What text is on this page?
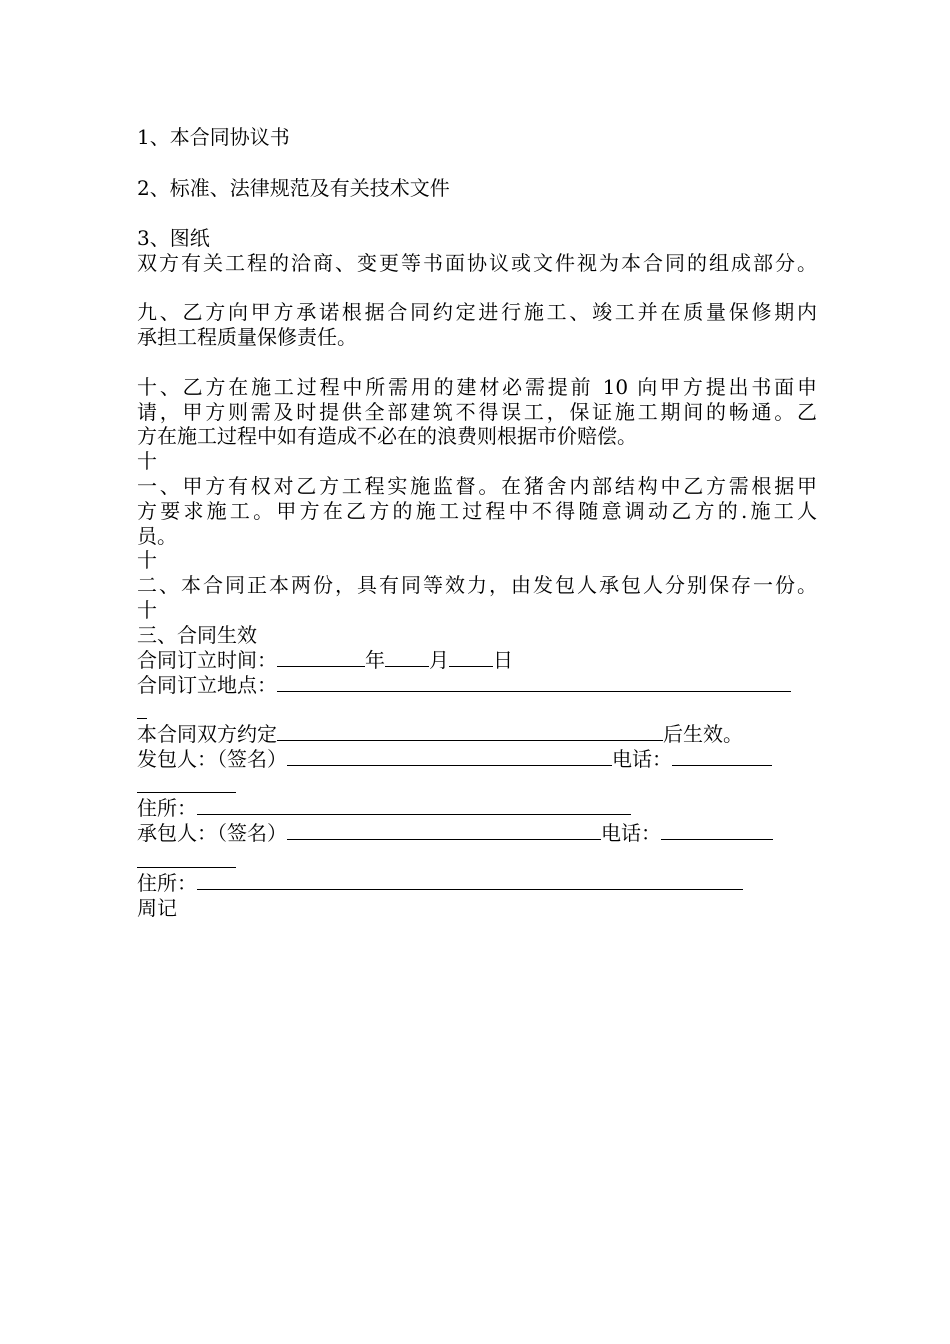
1、本合同协议书
2、标准、法律规范及有关技术文件
3、图纸
双方有关工程的洽商、变更等书面协议或文件视为本合同的组成部分。
九、乙方向甲方承诺根据合同约定进行施工、竣工并在质量保修期内
承担工程质量保修责任。
十、乙方在施工过程中所需用的建材必需提前 10 向甲方提出书面申
请，甲方则需及时提供全部建筑不得误工，保证施工期间的畅通。乙
方在施工过程中如有造成不必在的浪费则根据市价赔偿。
十
一、甲方有权对乙方工程实施监督。在猪舍内部结构中乙方需根据甲
方要求施工。甲方在乙方的施工过程中不得随意调动乙方的.施工人
员。
十
二、本合同正本两份，具有同等效力，由发包人承包人分别保存一份。
十
三、合同生效
合同订立时间：	年 月 日
合同订立地点：
本合同双方约定	后生效。
发包人：（签名）	电话：
住所：
承包人：（签名）	电话：
住所：
周记
